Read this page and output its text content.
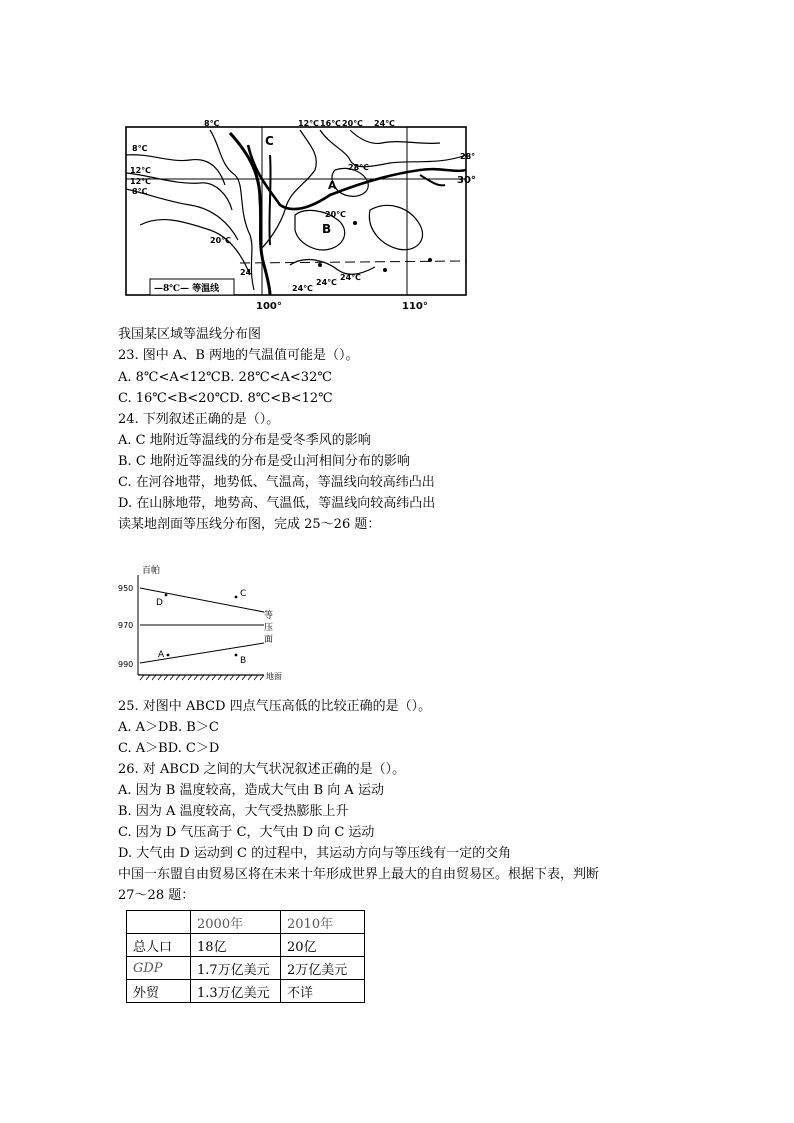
8℃	12℃ 16℃ 20℃ 24℃
8℃
12℃
12℃
8℃
28°
30°
28℃
20℃
20℃
24
24℃
24℃
24℃
A
B
C
—8℃— 等温线
100°	110°
我国某区域等温线分布图
23. 图中 A、B 两地的气温值可能是（）。
A. 8℃<A<12℃B. 28℃<A<32℃
C. 16℃<B<20℃D. 8℃<B<12℃
24. 下列叙述正确的是（）。
A. C 地附近等温线的分布是受冬季风的影响
B. C 地附近等温线的分布是受山河相间分布的影响
C. 在河谷地带，地势低、气温高，等温线向较高纬凸出
D. 在山脉地带，地势高、气温低，等温线向较高纬凸出
读某地剖面等压线分布图，完成 25～26 题：
百帕
950
970
990
等
压
面
地面
D
C
A
B
25. 对图中 ABCD 四点气压高低的比较正确的是（）。
A. A＞DB. B＞C
C. A＞BD. C＞D
26. 对 ABCD 之间的大气状况叙述正确的是（）。
A. 因为 B 温度较高，造成大气由 B 向 A 运动
B. 因为 A 温度较高，大气受热膨胀上升
C. 因为 D 气压高于 C，大气由 D 向 C 运动
D. 大气由 D 运动到 C 的过程中，其运动方向与等压线有一定的交角
中国一东盟自由贸易区将在未来十年形成世界上最大的自由贸易区。根据下表，判断
27～28 题：
	2000年	2010年
总人口	18亿	20亿
GDP	1.7万亿美元	2万亿美元
外贸	1.3万亿美元	不详
